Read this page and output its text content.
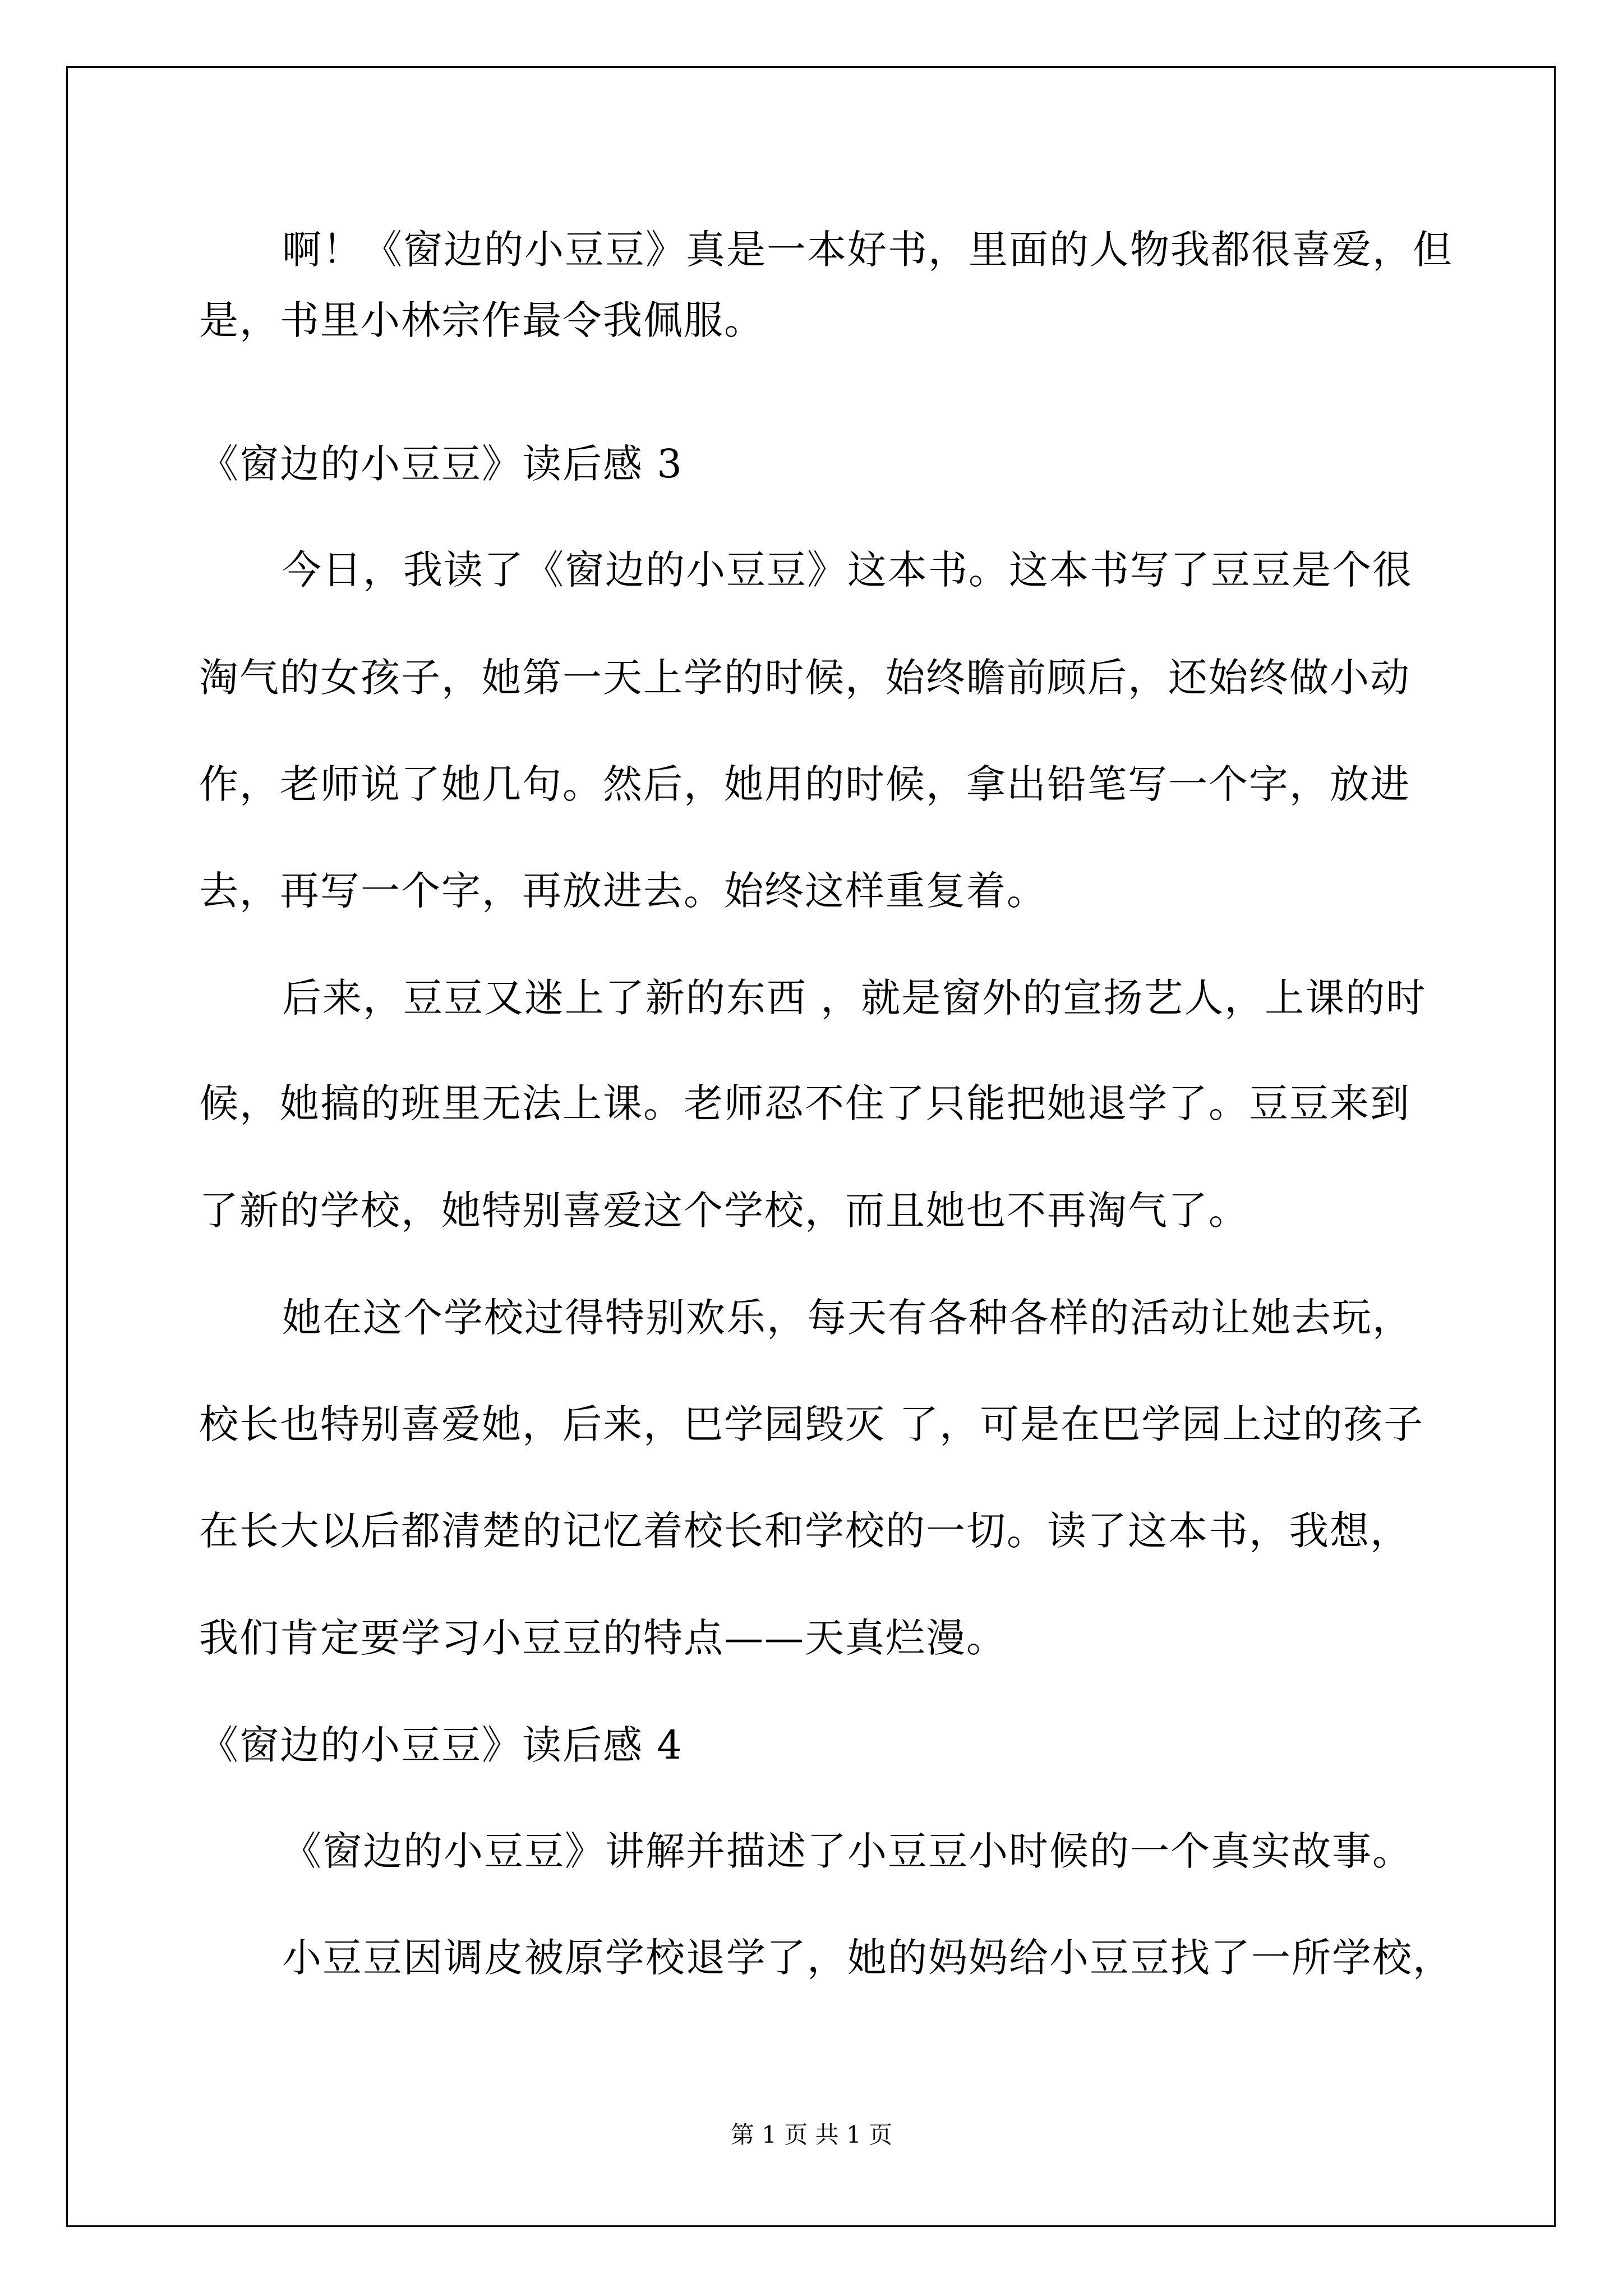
啊！《窗边的小豆豆》真是一本好书，里面的人物我都很喜爱，但
是，书里小林宗作最令我佩服。
《窗边的小豆豆》读后感 3
今日，我读了《窗边的小豆豆》这本书。这本书写了豆豆是个很
淘气的女孩子，她第一天上学的时候，始终瞻前顾后，还始终做小动
作，老师说了她几句。然后，她用的时候，拿出铅笔写一个字，放进
去，再写一个字，再放进去。始终这样重复着。
后来，豆豆又迷上了新的东西 ，就是窗外的宣扬艺人，上课的时
候，她搞的班里无法上课。老师忍不住了只能把她退学了。豆豆来到
了新的学校，她特别喜爱这个学校，而且她也不再淘气了。
她在这个学校过得特别欢乐，每天有各种各样的活动让她去玩，
校长也特别喜爱她，后来，巴学园毁灭 了，可是在巴学园上过的孩子
在长大以后都清楚的记忆着校长和学校的一切。读了这本书，我想，
我们肯定要学习小豆豆的特点——天真烂漫。
《窗边的小豆豆》读后感 4
《窗边的小豆豆》讲解并描述了小豆豆小时候的一个真实故事。
小豆豆因调皮被原学校退学了，她的妈妈给小豆豆找了一所学校，
第 1 页 共 1 页
